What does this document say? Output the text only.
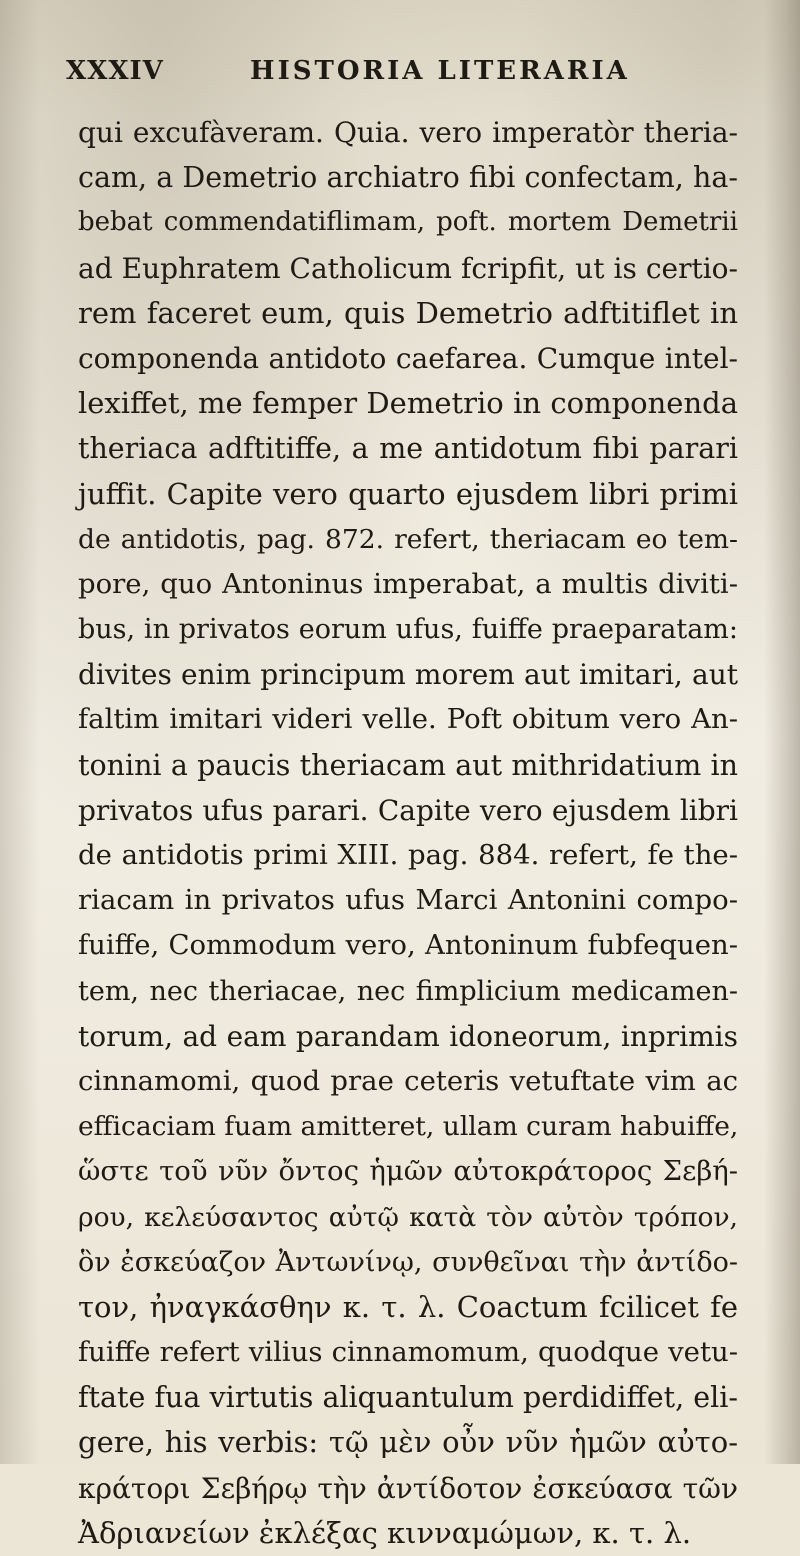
XXXIV	HISTORIA LITERARIA
qui excufàveram. Quia. vero imperatòr theria-
cam, a Demetrio archiatro fibi confectam, ha-
bebat commendatiflimam, poft. mortem Demetrii
ad Euphratem Catholicum fcripfit, ut is certio-
rem faceret eum, quis Demetrio adftitiflet in
componenda antidoto caefarea. Cumque intel-
lexiffet, me femper Demetrio in componenda
theriaca adftitiffe, a me antidotum fibi parari
juffit. Capite vero quarto ejusdem libri primi
de antidotis, pag. 872. refert, theriacam eo tem-
pore, quo Antoninus imperabat, a multis diviti-
bus, in privatos eorum ufus, fuiffe praeparatam:
divites enim principum morem aut imitari, aut
faltim imitari videri velle. Poft obitum vero An-
tonini a paucis theriacam aut mithridatium in
privatos ufus parari. Capite vero ejusdem libri
de antidotis primi XIII. pag. 884. refert, fe the-
riacam in privatos ufus Marci Antonini compo-
fuiffe, Commodum vero, Antoninum fubfequen-
tem, nec theriacae, nec fimplicium medicamen-
torum, ad eam parandam idoneorum, inprimis
cinnamomi, quod prae ceteris vetuftate vim ac
efficaciam fuam amitteret, ullam curam habuiffe,
ὥστε τοῦ νῦν ὄντος ἡμῶν αὐτοκράτορος Σεβή-
ρου, κελεύσαντος αὐτῷ κατὰ τὸν αὐτὸν τρόπον,
ὃν ἐσκεύαζον Ἀντωνίνῳ, συνθεῖναι τὴν ἀντίδο-
τον, ἠναγκάσθην κ. τ. λ. Coactum fcilicet fe
fuiffe refert vilius cinnamomum, quodque vetu-
ftate fua virtutis aliquantulum perdidiffet, eli-
gere, his verbis: τῷ μὲν οὖν νῦν ἡμῶν αὐτο-
κράτορι Σεβήρῳ τὴν ἀντίδοτον ἐσκεύασα τῶν
Ἀδριανείων ἐκλέξας κινναμώμων, κ. τ. λ.
